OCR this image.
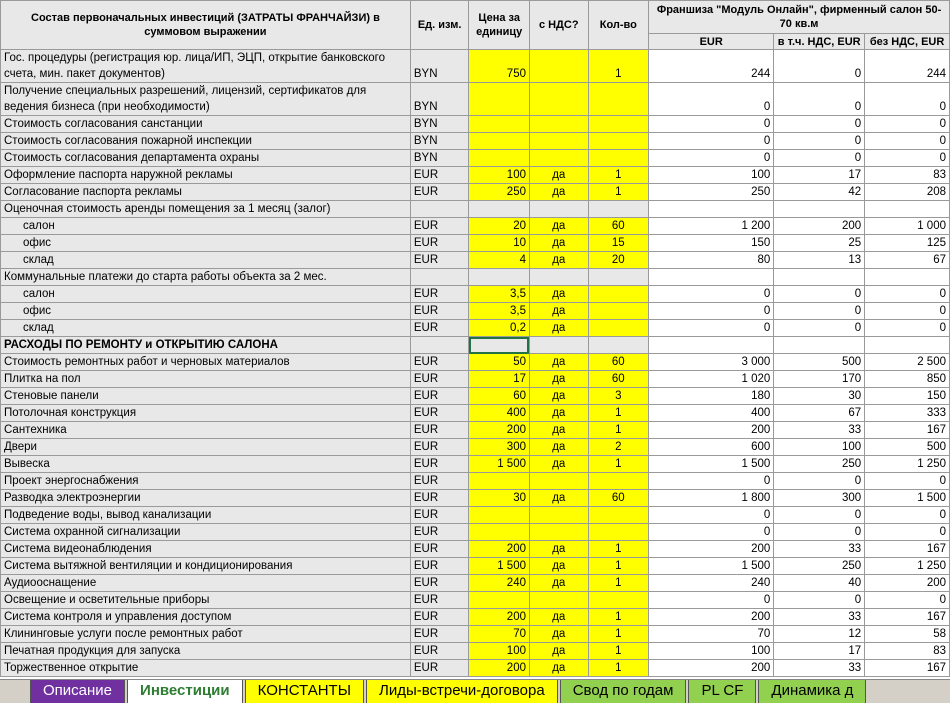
Состав первоначальных инвестиций (ЗАТРАТЫ ФРАНЧАЙЗИ) в суммовом выражении	Ед. изм.	Цена за единицу	с НДС?	Кол-во	Франшиза "Модуль Онлайн", фирменный салон 50-70 кв.м		
					EUR	в т.ч. НДС, EUR	без НДС, EUR
Гос. процедуры (регистрация юр. лица/ИП, ЭЦП, открытие банковского счета, мин. пакет документов)	BYN	750		1	244	0	244
Получение специальных разрешений, лицензий, сертификатов для ведения бизнеса (при необходимости)	BYN				0	0	0
Стоимость согласования санстанции	BYN				0	0	0
Стоимость согласования пожарной инспекции	BYN				0	0	0
Стоимость согласования департамента охраны	BYN				0	0	0
Оформление паспорта наружной рекламы	EUR	100	да	1	100	17	83
Согласование паспорта рекламы	EUR	250	да	1	250	42	208
Оценочная стоимость аренды помещения за 1 месяц (залог)							
салон	EUR	20	да	60	1 200	200	1 000
офис	EUR	10	да	15	150	25	125
склад	EUR	4	да	20	80	13	67
Коммунальные платежи до старта работы объекта за 2 мес.							
салон	EUR	3,5	да		0	0	0
офис	EUR	3,5	да		0	0	0
склад	EUR	0,2	да		0	0	0
РАСХОДЫ ПО РЕМОНТУ и ОТКРЫТИЮ САЛОНА							
Стоимость ремонтных работ и черновых материалов	EUR	50	да	60	3 000	500	2 500
Плитка на пол	EUR	17	да	60	1 020	170	850
Стеновые панели	EUR	60	да	3	180	30	150
Потолочная конструкция	EUR	400	да	1	400	67	333
Сантехника	EUR	200	да	1	200	33	167
Двери	EUR	300	да	2	600	100	500
Вывеска	EUR	1 500	да	1	1 500	250	1 250
Проект энергоснабжения	EUR				0	0	0
Разводка электроэнергии	EUR	30	да	60	1 800	300	1 500
Подведение воды, вывод канализации	EUR				0	0	0
Система охранной сигнализации	EUR				0	0	0
Система видеонаблюдения	EUR	200	да	1	200	33	167
Система вытяжной вентиляции и кондиционирования	EUR	1 500	да	1	1 500	250	1 250
Аудиооснащение	EUR	240	да	1	240	40	200
Освещение и осветительные приборы	EUR				0	0	0
Система контроля и управления доступом	EUR	200	да	1	200	33	167
Клининговые услуги после ремонтных работ	EUR	70	да	1	70	12	58
Печатная продукция для запуска	EUR	100	да	1	100	17	83
Торжественное открытие	EUR	200	да	1	200	33	167
Описание	Инвестиции	КОНСТАНТЫ	Лиды-встречи-договора	Свод по годам	PL CF	Динамика д
